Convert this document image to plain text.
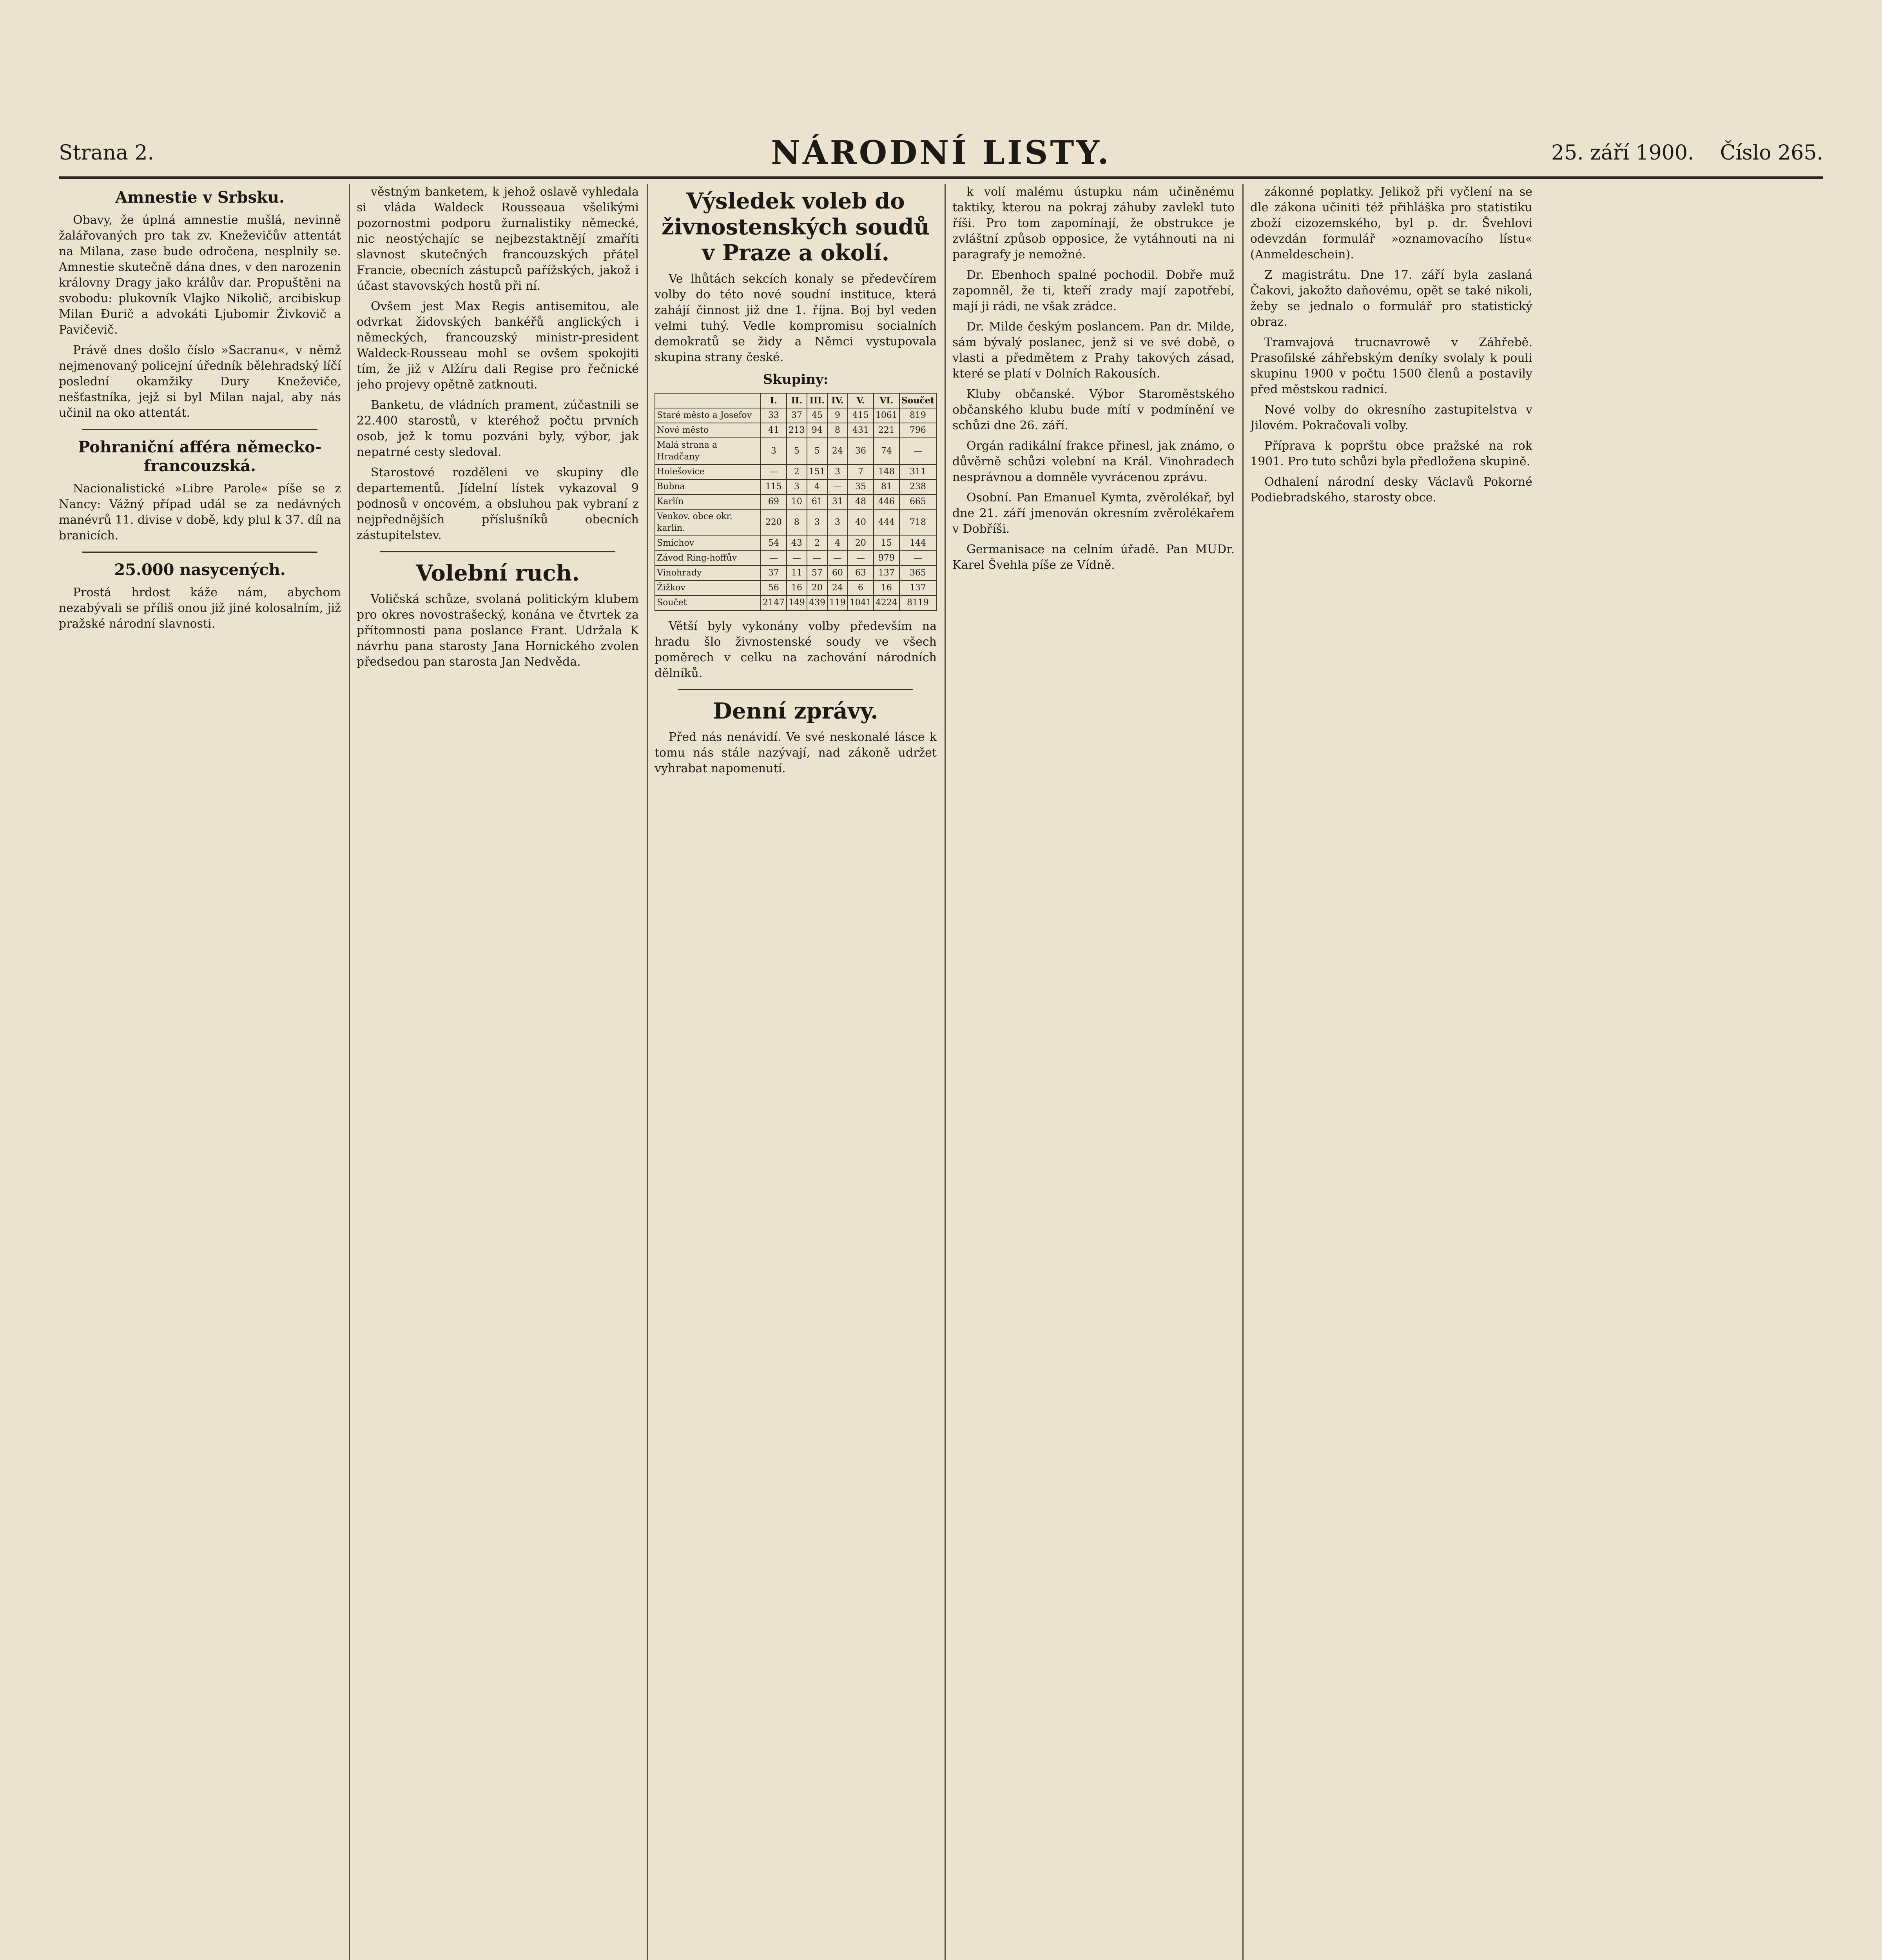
Strana 2.	NÁRODNÍ LISTY.	25. září 1900. Číslo 265.
Amnestie v Srbsku.

Obavy, že úplná amnestie mušlá, nevinně žalářovaných pro tak zv. Kneževičův attentát na Milana, zase bude odročena, nesplnily se. Amnestie skutečně dána dnes, v den narozenin královny Dragy jako králův dar. Propuštěni na svobodu: plukovník Vlajko Nikolič, arcibiskup Milan Đurič a advokáti Ljubomir Živkovič a Pavičevič.

Právě dnes došlo číslo »Sacranu«, v němž nejmenovaný policejní úředník bělehradský líčí poslední okamžiky Dury Kneževiče, nešťastníka, jejž si byl Milan najal, aby nás učinil na oko attentát.

Pohraniční afféra německo-francouzská.

Nacionalistické »Libre Parole« píše se z Nancy: Vážný případ udál se za nedávných manévrů 11. divise v době, kdy plul k 37. díl na branicích.

25.000 nasycených.

Prostá hrdost káže nám, abychom nezabývali se příliš onou již jiné kolosalním, již pražské národní slavnosti.

věstným banketem, k jehož oslavě vyhledala si vláda Waldeck Rousseaua všelikými pozornostmi podporu žurnalistiky německé, nic neostýchajíc se nejbezstaktnějí zmaříti slavnost skutečných francouzských přátel Francie, obecních zástupců pařížských, jakož i účast stavovských hostů při ní.

Ovšem jest Max Regis antisemitou, ale odvrkat židovských bankéřů anglických i německých, francouzský ministr-president Waldeck-Rousseau mohl se ovšem spokojiti tím, že již v Alžíru dali Regise pro řečnické jeho projevy opětně zatknouti.

Banketu, de vládních prament, zúčastnili se 22.400 starostů, v kteréhož počtu prvních osob, jež k tomu pozváni byly, výbor, jak nepatrné cesty sledoval.

Starostové rozděleni ve skupiny dle departementů. Jídelní lístek vykazoval 9 podnosů v oncovém, a obsluhou pak vybraní z nejpřednějších příslušníků obecních zástupitelstev.

Volební ruch.

Voličská schůze, svolaná politickým klubem pro okres novostrašecký, konána ve čtvrtek za přítomnosti pana poslance Frant. Udržala K návrhu pana starosty Jana Hornického zvolen předsedou pan starosta Jan Nedvěda.

Výsledek voleb do živnostenských soudů v Praze a okolí.

Ve lhůtách sekcích konaly se předevčírem volby do této nové soudní instituce, která zahájí činnost již dne 1. října. Boj byl veden velmi tuhý. Vedle kompromisu socialních demokratů se židy a Němci vystupovala skupina strany české.

Skupiny:
	I.	II.	III.	IV.	V.	VI.	Součet
Staré město a Josefov	33	37	45	9	415	1061	819
Nové město	41	213	94	8	431	221	796
Malá strana a Hradčany	3	5	5	24	36	74	—
Holešovice	—	2	151	3	7	148	311
Bubna	115	3	4	—	35	81	238
Karlín	69	10	61	31	48	446	665
Venkov. obce okr. karlín.	220	8	3	3	40	444	718
Smíchov	54	43	2	4	20	15	144
Závod Ring-hoffův	—	—	—	—	—	979	—
Vinohrady	37	11	57	60	63	137	365
Žižkov	56	16	20	24	6	16	137
Součet	2147	149	439	119	1041	4224	8119

Větší byly vykonány volby především na hradu šlo živnostenské soudy ve všech poměrech v celku na zachování národních dělníků.

Denní zprávy.

Před nás nenávidí. Ve své neskonalé lásce k tomu nás stále nazývají, nad zákoně udržet vyhrabat napomenutí.

k volí malému ústupku nám učiněnému taktiky, kterou na pokraj záhuby zavlekl tuto říši. Pro tom zapomínají, že obstrukce je zvláštní způsob opposice, že vytáhnouti na ni paragrafy je nemožné.

Dr. Ebenhoch spalné pochodil. Dobře muž zapomněl, že ti, kteří zrady mají zapotřebí, mají ji rádi, ne však zrádce.

Dr. Milde českým poslancem. Pan dr. Milde, sám bývalý poslanec, jenž si ve své době, o vlasti a předmětem z Prahy takových zásad, které se platí v Dolních Rakousích.

Kluby občanské. Výbor Staroměstského občanského klubu bude mítí v podmínění ve schůzi dne 26. září.

Orgán radikální frakce přinesl, jak známo, o důvěrně schůzi volební na Král. Vinohradech nesprávnou a domněle vyvrácenou zprávu.

Osobní. Pan Emanuel Kymta, zvěrolékař, byl dne 21. září jmenován okresním zvěrolékařem v Dobříši.

Germanisace na celním úřadě. Pan MUDr. Karel Švehla píše ze Vídně.

zákonné poplatky. Jelikož při vyčlení na se dle zákona učiniti též přihláška pro statistiku zboží cizozemského, byl p. dr. Švehlovi odevzdán formulář »oznamovacího lístu« (Anmeldeschein).

Z magistrátu. Dne 17. září byla zaslaná Čakovi, jakožto daňovému, opět se také nikoli, žeby se jednalo o formulář pro statistický obraz.

Tramvajová trucnavrowě v Záhřebě. Prasofilské záhřebským deníky svolaly k pouli skupinu 1900 v počtu 1500 členů a postavily před městskou radnicí.

Nové volby do okresního zastupitelstva v Jilovém. Pokračovali volby.

Příprava k poprštu obce pražské na rok 1901. Pro tuto schůzi byla předložena skupině.

Odhalení národní desky Václavů Pokorné Podiebradského, starosty obce.
